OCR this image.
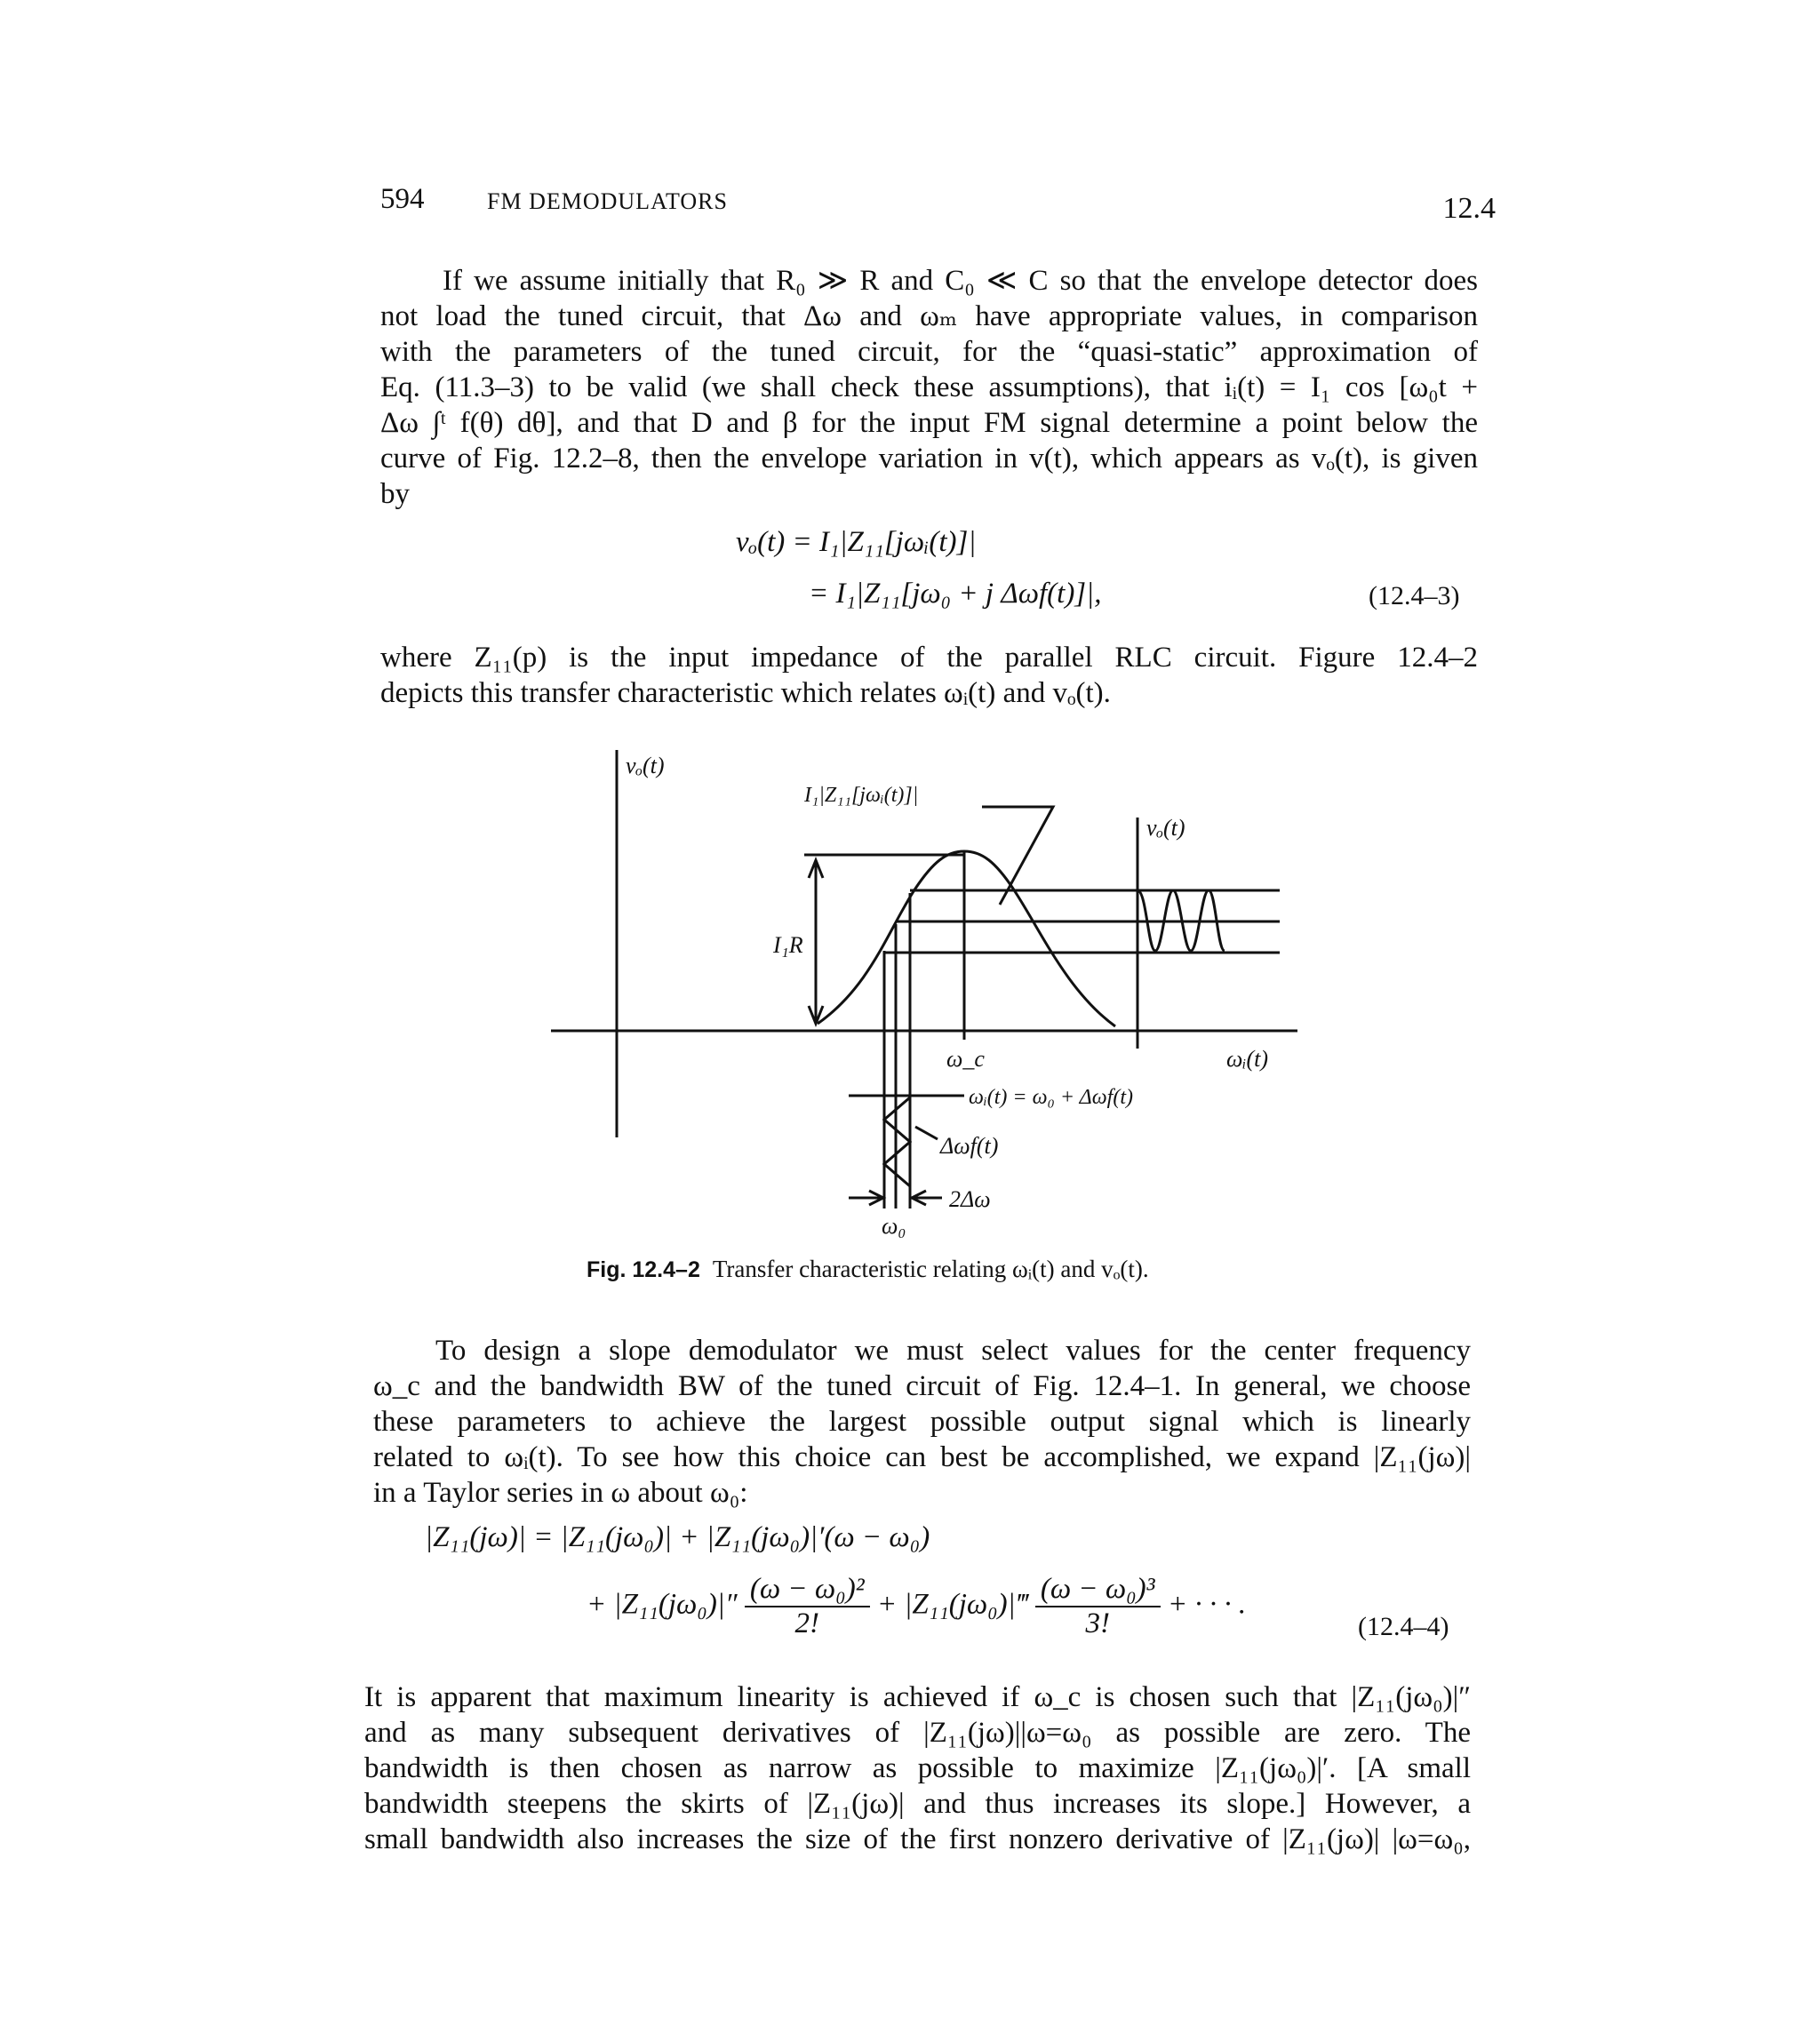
594	FM DEMODULATORS	12.4

If we assume initially that R₀ ≫ R and C₀ ≪ C so that the envelope detector does
not load the tuned circuit, that Δω and ωₘ have appropriate values, in comparison
with the parameters of the tuned circuit, for the “quasi-static” approximation of
Eq. (11.3–3) to be valid (we shall check these assumptions), that iᵢ(t) = I₁ cos [ω₀t +
Δω ∫ᵗ f(θ) dθ], and that D and β for the input FM signal determine a point below the
curve of Fig. 12.2–8, then the envelope variation in v(t), which appears as vₒ(t), is given
by

vₒ(t) = I₁|Z₁₁[jωᵢ(t)]|
= I₁|Z₁₁[jω₀ + j Δωf(t)]|,	(12.4–3)

where Z₁₁(p) is the input impedance of the parallel RLC circuit. Figure 12.4–2
depicts this transfer characteristic which relates ωᵢ(t) and vₒ(t).

vₒ(t)
I₁|Z₁₁[jωᵢ(t)]|
vₒ(t)
I₁R
ω_c	ωᵢ(t)
ωᵢ(t) = ω₀ + Δωf(t)
Δωf(t)
2Δω
ω₀
Fig. 12.4–2 Transfer characteristic relating ωᵢ(t) and vₒ(t).

To design a slope demodulator we must select values for the center frequency
ω_c and the bandwidth BW of the tuned circuit of Fig. 12.4–1. In general, we choose
these parameters to achieve the largest possible output signal which is linearly
related to ωᵢ(t). To see how this choice can best be accomplished, we expand |Z₁₁(jω)|
in a Taylor series in ω about ω₀:

|Z₁₁(jω)| = |Z₁₁(jω₀)| + |Z₁₁(jω₀)|′(ω − ω₀)
+ $|Z_{11}(j\omega_0)|'' \frac{\text{(ω − ω₀)²}}{2!}$ + |Z₁₁(jω₀)|‴ $\frac{\text{(ω − ω₀)³}}{3!}$ + · · · .
(12.4–4)

It is apparent that maximum linearity is achieved if ω_c is chosen such that |Z₁₁(jω₀)|″
and as many subsequent derivatives of |Z₁₁(jω)||ω=ω₀ as possible are zero. The
bandwidth is then chosen as narrow as possible to maximize |Z₁₁(jω₀)|′. [A small
bandwidth steepens the skirts of |Z₁₁(jω)| and thus increases its slope.] However, a
small bandwidth also increases the size of the first nonzero derivative of |Z₁₁(jω)| |ω=ω₀,
